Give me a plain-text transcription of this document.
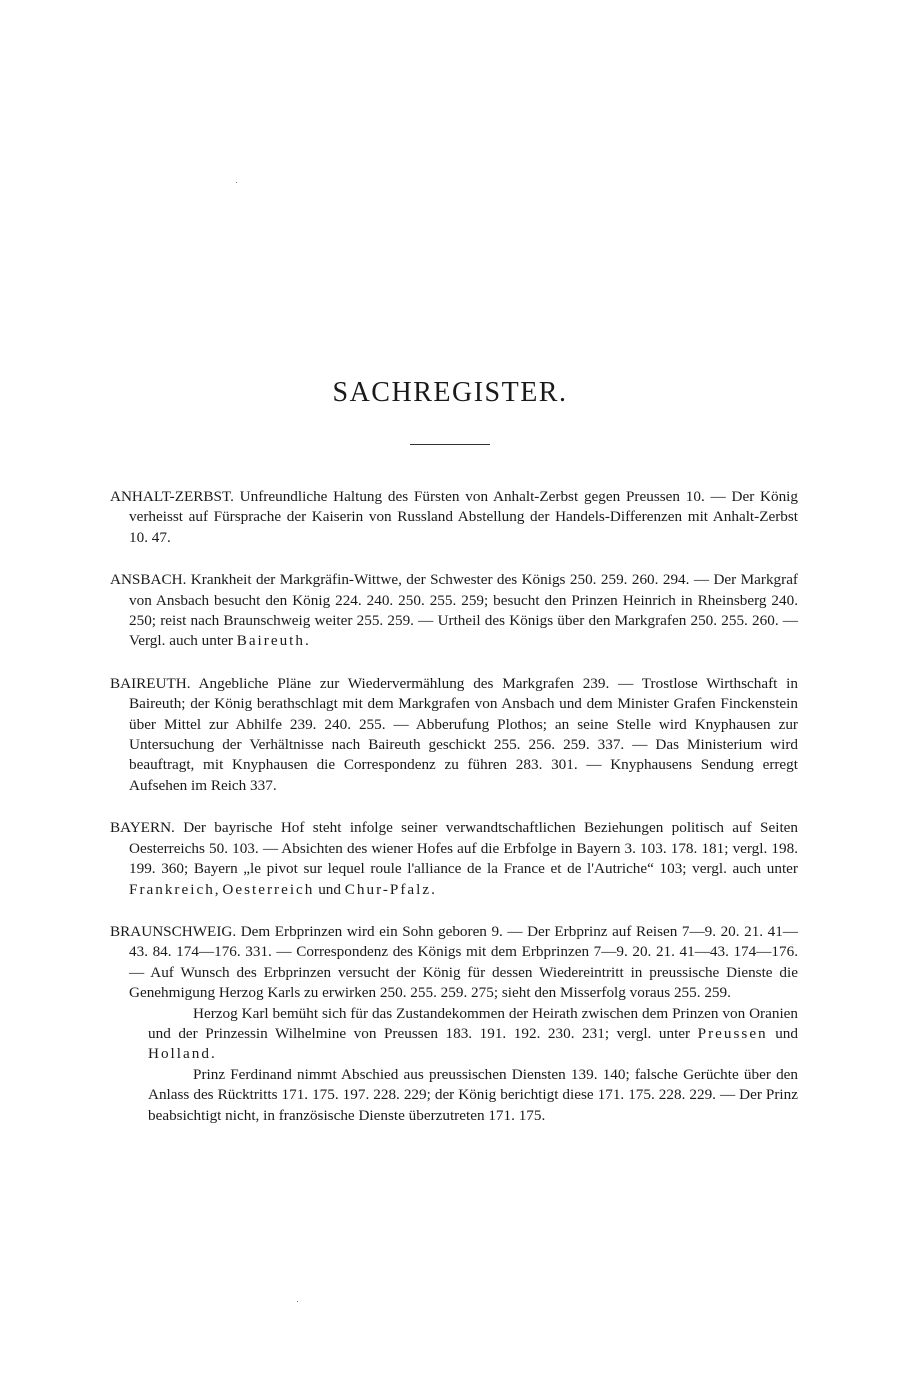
SACHREGISTER.

ANHALT-ZERBST. Unfreundliche Haltung des Fürsten von Anhalt-Zerbst gegen Preussen 10. — Der König verheisst auf Fürsprache der Kaiserin von Russland Abstellung der Handels-Differenzen mit Anhalt-Zerbst 10. 47.

ANSBACH. Krankheit der Markgräfin-Wittwe, der Schwester des Königs 250. 259. 260. 294. — Der Markgraf von Ansbach besucht den König 224. 240. 250. 255. 259; besucht den Prinzen Heinrich in Rheinsberg 240. 250; reist nach Braunschweig weiter 255. 259. — Urtheil des Königs über den Markgrafen 250. 255. 260. — Vergl. auch unter Baireuth.

BAIREUTH. Angebliche Pläne zur Wiedervermählung des Markgrafen 239. — Trostlose Wirthschaft in Baireuth; der König berathschlagt mit dem Markgrafen von Ansbach und dem Minister Grafen Finckenstein über Mittel zur Abhilfe 239. 240. 255. — Abberufung Plothos; an seine Stelle wird Knyphausen zur Untersuchung der Verhältnisse nach Baireuth geschickt 255. 256. 259. 337. — Das Ministerium wird beauftragt, mit Knyphausen die Correspondenz zu führen 283. 301. — Knyphausens Sendung erregt Aufsehen im Reich 337.

BAYERN. Der bayrische Hof steht infolge seiner verwandtschaftlichen Beziehungen politisch auf Seiten Oesterreichs 50. 103. — Absichten des wiener Hofes auf die Erbfolge in Bayern 3. 103. 178. 181; vergl. 198. 199. 360; Bayern „le pivot sur lequel roule l'alliance de la France et de l'Autriche“ 103; vergl. auch unter Frankreich, Oesterreich und Chur-Pfalz.

BRAUNSCHWEIG. Dem Erbprinzen wird ein Sohn geboren 9. — Der Erbprinz auf Reisen 7—9. 20. 21. 41—43. 84. 174—176. 331. — Correspondenz des Königs mit dem Erbprinzen 7—9. 20. 21. 41—43. 174—176. — Auf Wunsch des Erbprinzen versucht der König für dessen Wiedereintritt in preussische Dienste die Genehmigung Herzog Karls zu erwirken 250. 255. 259. 275; sieht den Misserfolg voraus 255. 259.

Herzog Karl bemüht sich für das Zustandekommen der Heirath zwischen dem Prinzen von Oranien und der Prinzessin Wilhelmine von Preussen 183. 191. 192. 230. 231; vergl. unter Preussen und Holland.

Prinz Ferdinand nimmt Abschied aus preussischen Diensten 139. 140; falsche Gerüchte über den Anlass des Rücktritts 171. 175. 197. 228. 229; der König berichtigt diese 171. 175. 228. 229. — Der Prinz beabsichtigt nicht, in französische Dienste überzutreten 171. 175.
